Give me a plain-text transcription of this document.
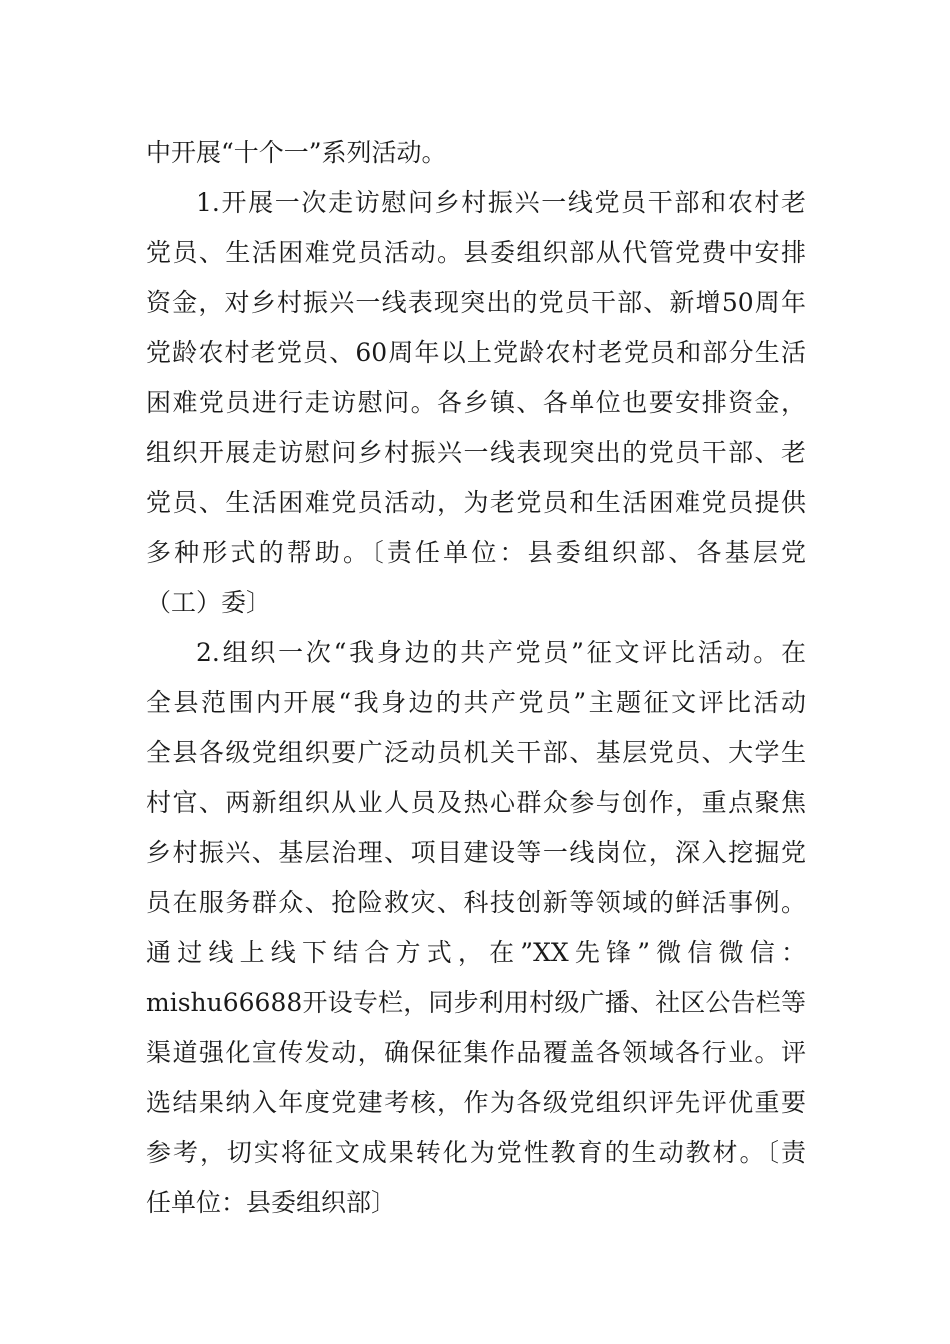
中开展“十个一”系列活动。
1.开展一次走访慰问乡村振兴一线党员干部和农村老
党员、生活困难党员活动。县委组织部从代管党费中安排
资金，对乡村振兴一线表现突出的党员干部、新增50周年
党龄农村老党员、60周年以上党龄农村老党员和部分生活
困难党员进行走访慰问。各乡镇、各单位也要安排资金，
组织开展走访慰问乡村振兴一线表现突出的党员干部、老
党员、生活困难党员活动，为老党员和生活困难党员提供
多种形式的帮助。〔责任单位：县委组织部、各基层党
（工）委〕
2.组织一次“我身边的共产党员”征文评比活动。在
全县范围内开展“我身边的共产党员”主题征文评比活动
全县各级党组织要广泛动员机关干部、基层党员、大学生
村官、两新组织从业人员及热心群众参与创作，重点聚焦
乡村振兴、基层治理、项目建设等一线岗位，深入挖掘党
员在服务群众、抢险救灾、科技创新等领域的鲜活事例。
通过线上线下结合方式，在”XX先锋”微信微信：
mishu66688开设专栏，同步利用村级广播、社区公告栏等
渠道强化宣传发动，确保征集作品覆盖各领域各行业。评
选结果纳入年度党建考核，作为各级党组织评先评优重要
参考，切实将征文成果转化为党性教育的生动教材。〔责
任单位：县委组织部〕
